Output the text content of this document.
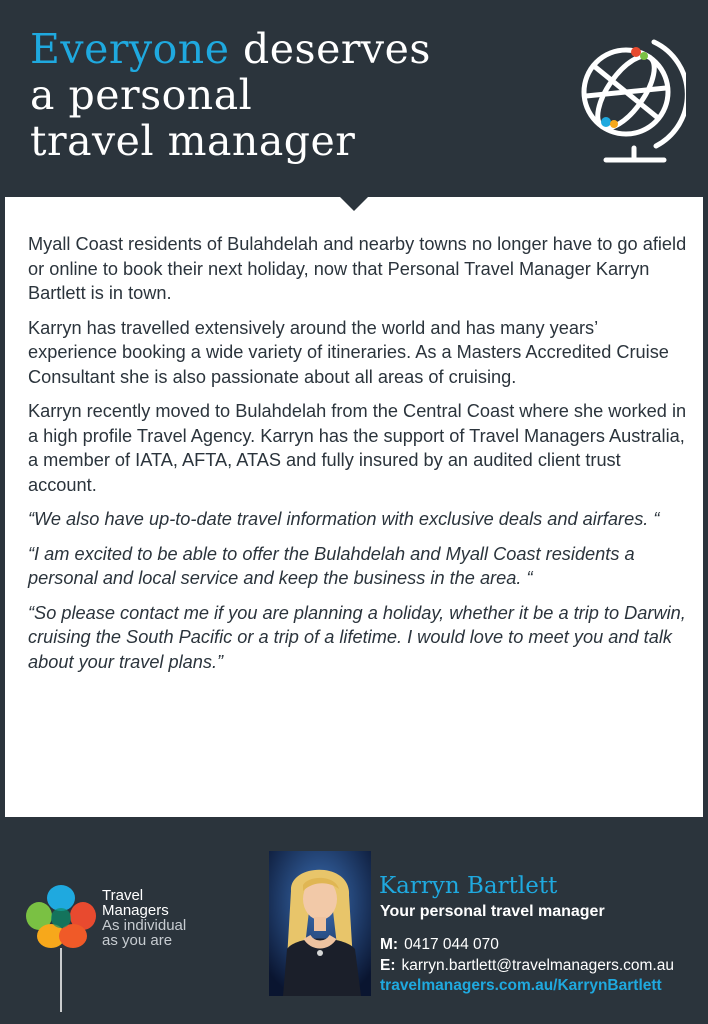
Everyone deserves
a personal
travel manager

Myall Coast residents of Bulahdelah and nearby towns no longer have to go afield or online to book their next holiday, now that Personal Travel Manager Karryn Bartlett is in town.

Karryn has travelled extensively around the world and has many years’ experience booking a wide variety of itineraries. As a Masters Accredited Cruise Consultant she is also passionate about all areas of cruising.

Karryn recently moved to Bulahdelah from the Central Coast where she worked in a high profile Travel Agency. Karryn has the support of Travel Managers Australia, a member of IATA, AFTA, ATAS and fully insured by an audited client trust account.

“We also have up-to-date travel information with exclusive deals and airfares. “

“I am excited to be able to offer the Bulahdelah and Myall Coast residents a personal and local service and keep the business in the area. “

“So please contact me if you are planning a holiday, whether it be a trip to Darwin, cruising the South Pacific or a trip of a lifetime. I would love to meet you and talk about your travel plans.”

Travel
Managers
As individual
as you are
Karryn Bartlett
Your personal travel manager
M: 0417 044 070
E: karryn.bartlett@travelmanagers.com.au
travelmanagers.com.au/KarrynBartlett
